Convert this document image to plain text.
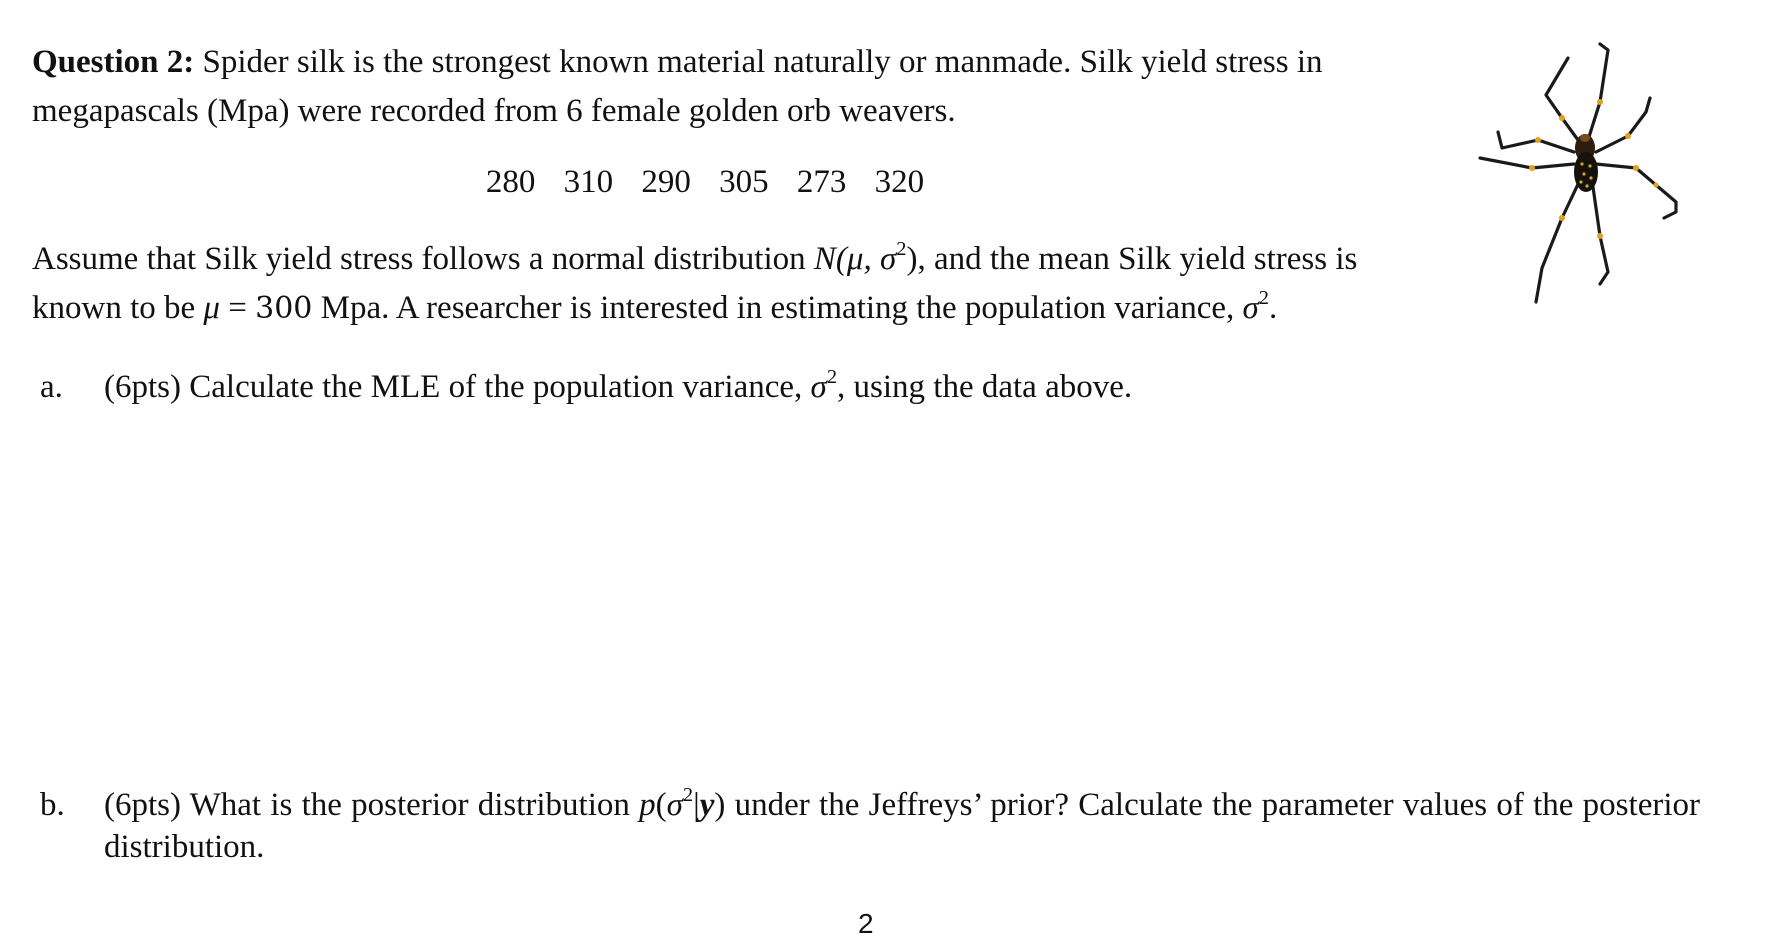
Question 2: Spider silk is the strongest known material naturally or manmade. Silk yield stress in megapascals (Mpa) were recorded from 6 female golden orb weavers.

280 310 290 305 273 320

Assume that Silk yield stress follows a normal distribution N(μ, $\sigma^2$), and the mean Silk yield stress is known to be μ = 300 Mpa. A researcher is interested in estimating the population variance, $\sigma^2$.

a. (6pts) Calculate the MLE of the population variance, $\sigma^2$, using the data above.
b. (6pts) What is the posterior distribution $p(\sigma^2|y)$ under the Jeffreys’ prior? Calculate the parameter values of the posterior distribution.
2
